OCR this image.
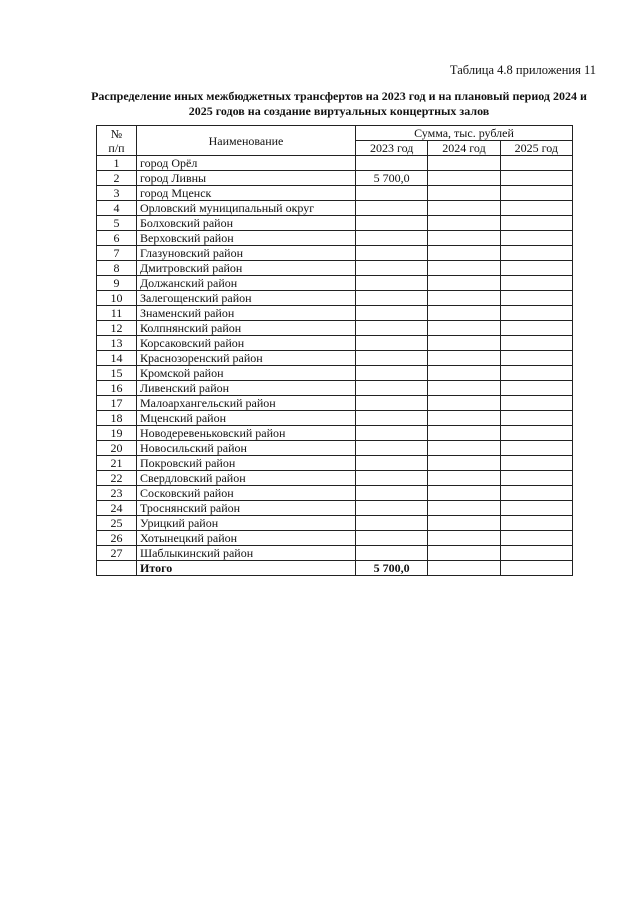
Таблица 4.8 приложения 11
Распределение иных межбюджетных трансфертов на 2023 год и на плановый период 2024 и 2025 годов на создание виртуальных концертных залов
№
п/п	Наименование	Сумма, тыс. рублей		
		2023 год	2024 год	2025 год
1	город Орёл			
2	город Ливны	5 700,0		
3	город Мценск			
4	Орловский муниципальный округ			
5	Болховский район			
6	Верховский район			
7	Глазуновский район			
8	Дмитровский район			
9	Должанский район			
10	Залегощенский район			
11	Знаменский район			
12	Колпнянский район			
13	Корсаковский район			
14	Краснозоренский район			
15	Кромской район			
16	Ливенский район			
17	Малоархангельский район			
18	Мценский район			
19	Новодеревеньковский район			
20	Новосильский район			
21	Покровский район			
22	Свердловский район			
23	Сосковский район			
24	Троснянский район			
25	Урицкий район			
26	Хотынецкий район			
27	Шаблыкинский район			
	Итого	5 700,0		
